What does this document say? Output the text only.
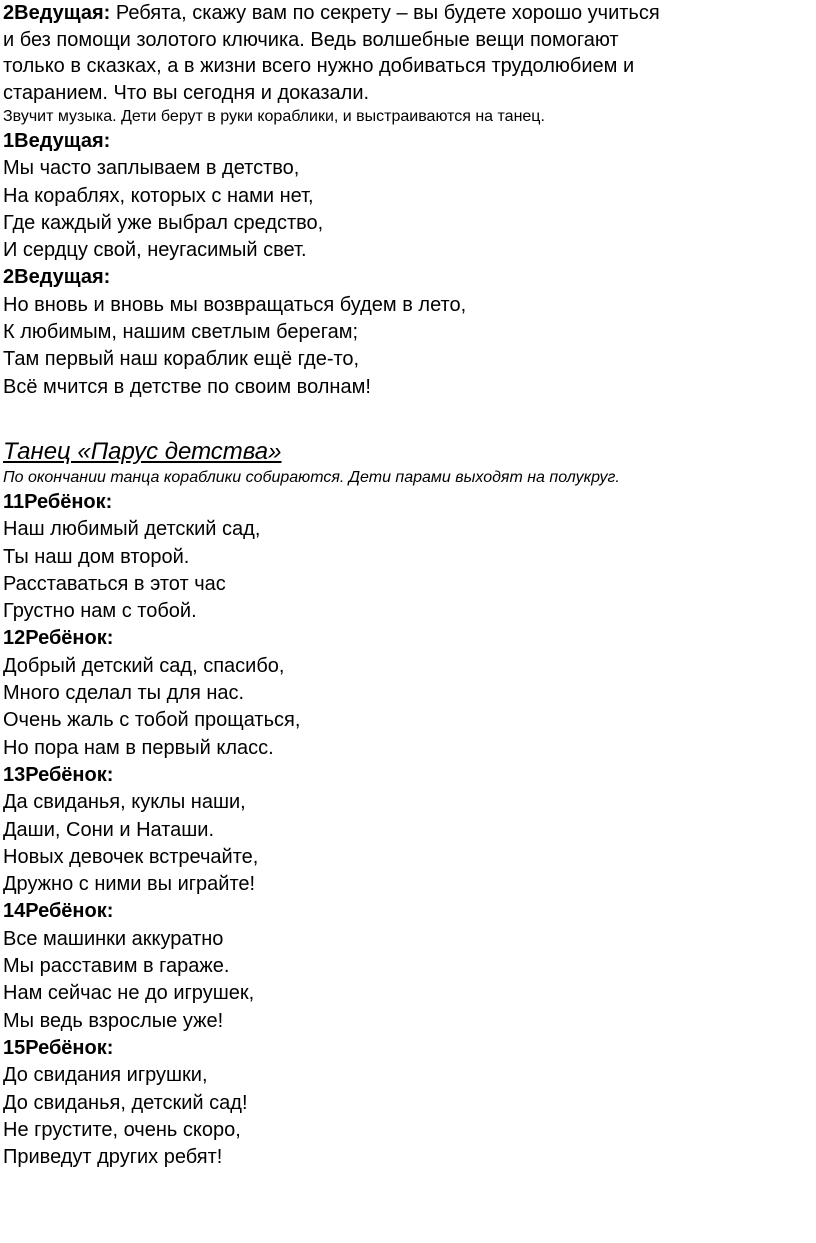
2Ведущая: Ребята, скажу вам по секрету – вы будете хорошо учиться

и без помощи золотого ключика. Ведь волшебные вещи помогают

только в сказках, а в жизни всего нужно добиваться трудолюбием и

старанием. Что вы сегодня и доказали.

Звучит музыка. Дети берут в руки кораблики, и выстраиваются на танец.
1Ведущая:

Мы часто заплываем в детство,

На кораблях, которых с нами нет,

Где каждый уже выбрал средство,

И сердцу свой, неугасимый свет.

2Ведущая:

Но вновь и вновь мы возвращаться будем в лето,

К любимым, нашим светлым берегам;

Там первый наш кораблик ещё где-то,

Всё мчится в детстве по своим волнам!

Танец «Парус детства»
По окончании танца кораблики собираются. Дети парами выходят на полукруг.
11Ребёнок:

Наш любимый детский сад,

Ты наш дом второй.

Расставаться в этот час

Грустно нам с тобой.

12Ребёнок:

Добрый детский сад, спасибо,

Много сделал ты для нас.

Очень жаль с тобой прощаться,

Но пора нам в первый класс.

13Ребёнок:

Да свиданья, куклы наши,

Даши, Сони и Наташи.

Новых девочек встречайте,

Дружно с ними вы играйте!

14Ребёнок:

Все машинки аккуратно

Мы расставим в гараже.

Нам сейчас не до игрушек,

Мы ведь взрослые уже!

15Ребёнок:

До свидания игрушки,

До свиданья, детский сад!

Не грустите, очень скоро,

Приведут других ребят!
